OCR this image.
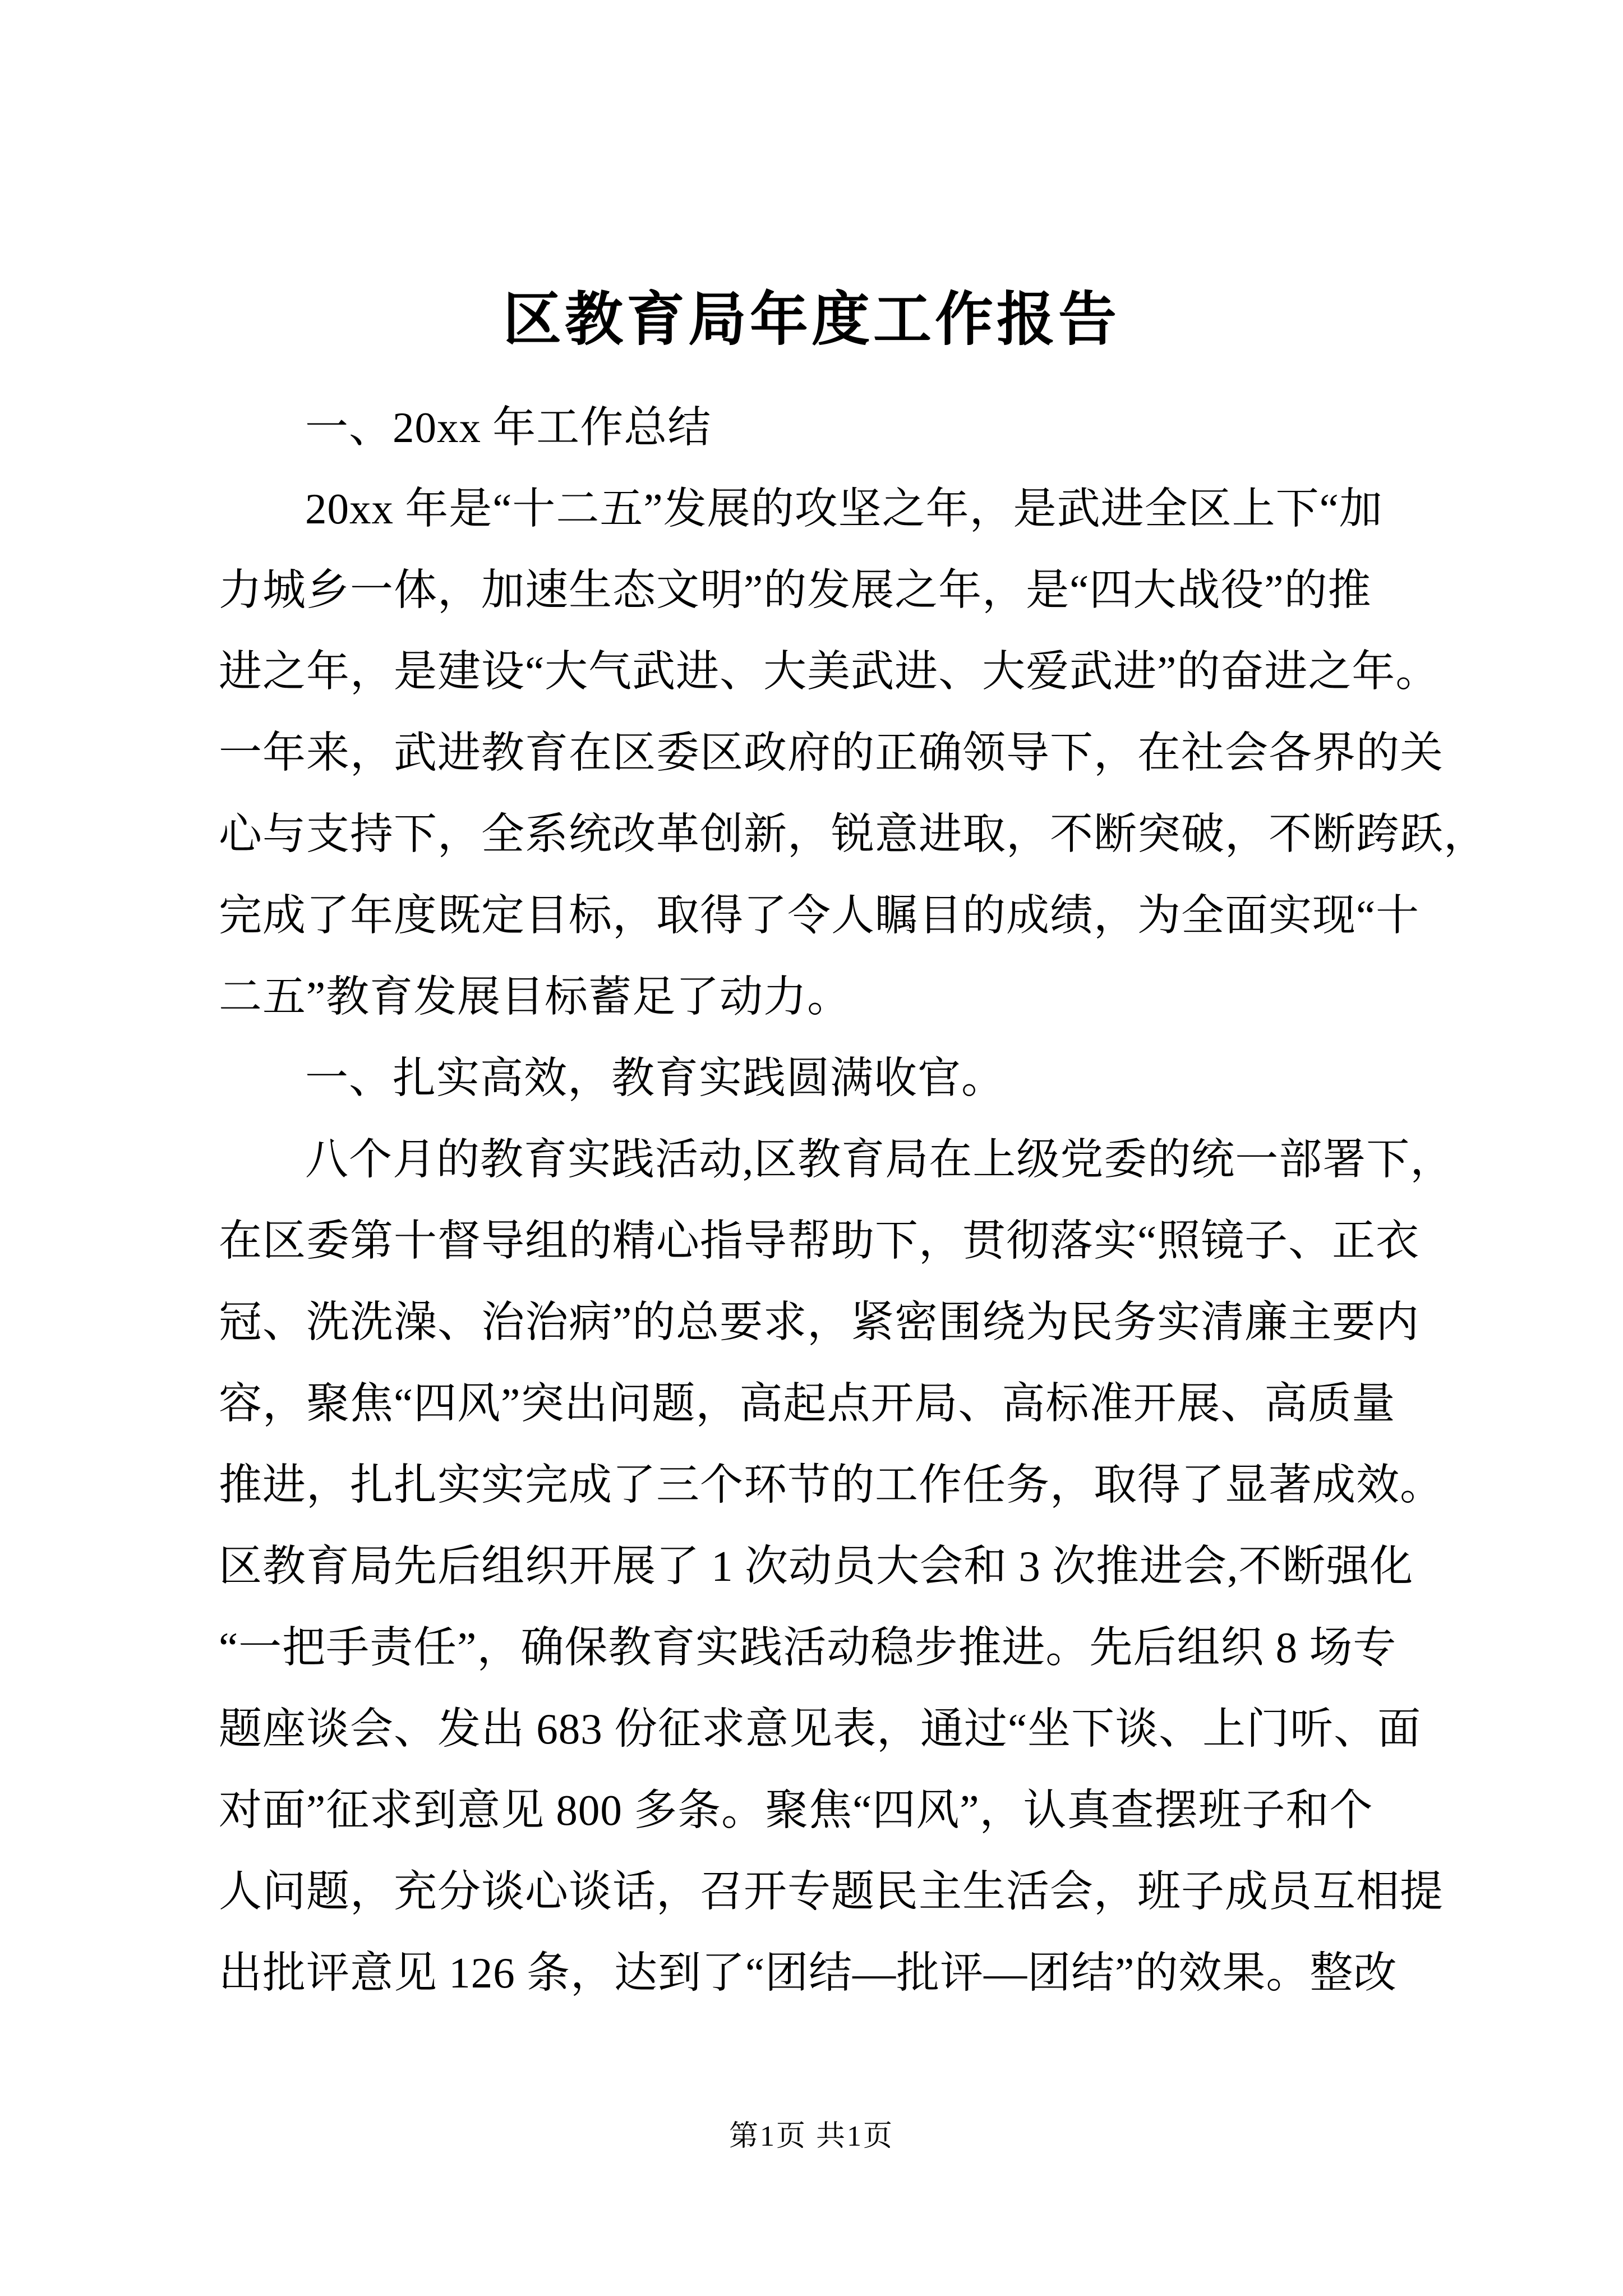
区教育局年度工作报告
一、20xx 年工作总结
20xx 年是“十二五”发展的攻坚之年，是武进全区上下“加
力城乡一体，加速生态文明”的发展之年，是“四大战役”的推
进之年，是建设“大气武进、大美武进、大爱武进”的奋进之年。
一年来，武进教育在区委区政府的正确领导下，在社会各界的关
心与支持下，全系统改革创新，锐意进取，不断突破，不断跨跃，
完成了年度既定目标，取得了令人瞩目的成绩，为全面实现“十
二五”教育发展目标蓄足了动力。
一、扎实高效，教育实践圆满收官。
八个月的教育实践活动,区教育局在上级党委的统一部署下，
在区委第十督导组的精心指导帮助下，贯彻落实“照镜子、正衣
冠、洗洗澡、治治病”的总要求，紧密围绕为民务实清廉主要内
容，聚焦“四风”突出问题，高起点开局、高标准开展、高质量
推进，扎扎实实完成了三个环节的工作任务，取得了显著成效。
区教育局先后组织开展了 1 次动员大会和 3 次推进会,不断强化
“一把手责任”，确保教育实践活动稳步推进。先后组织 8 场专
题座谈会、发出 683 份征求意见表，通过“坐下谈、上门听、面
对面”征求到意见 800 多条。聚焦“四风”，认真查摆班子和个
人问题，充分谈心谈话，召开专题民主生活会，班子成员互相提
出批评意见 126 条，达到了“团结—批评—团结”的效果。整改
第1页 共1页
